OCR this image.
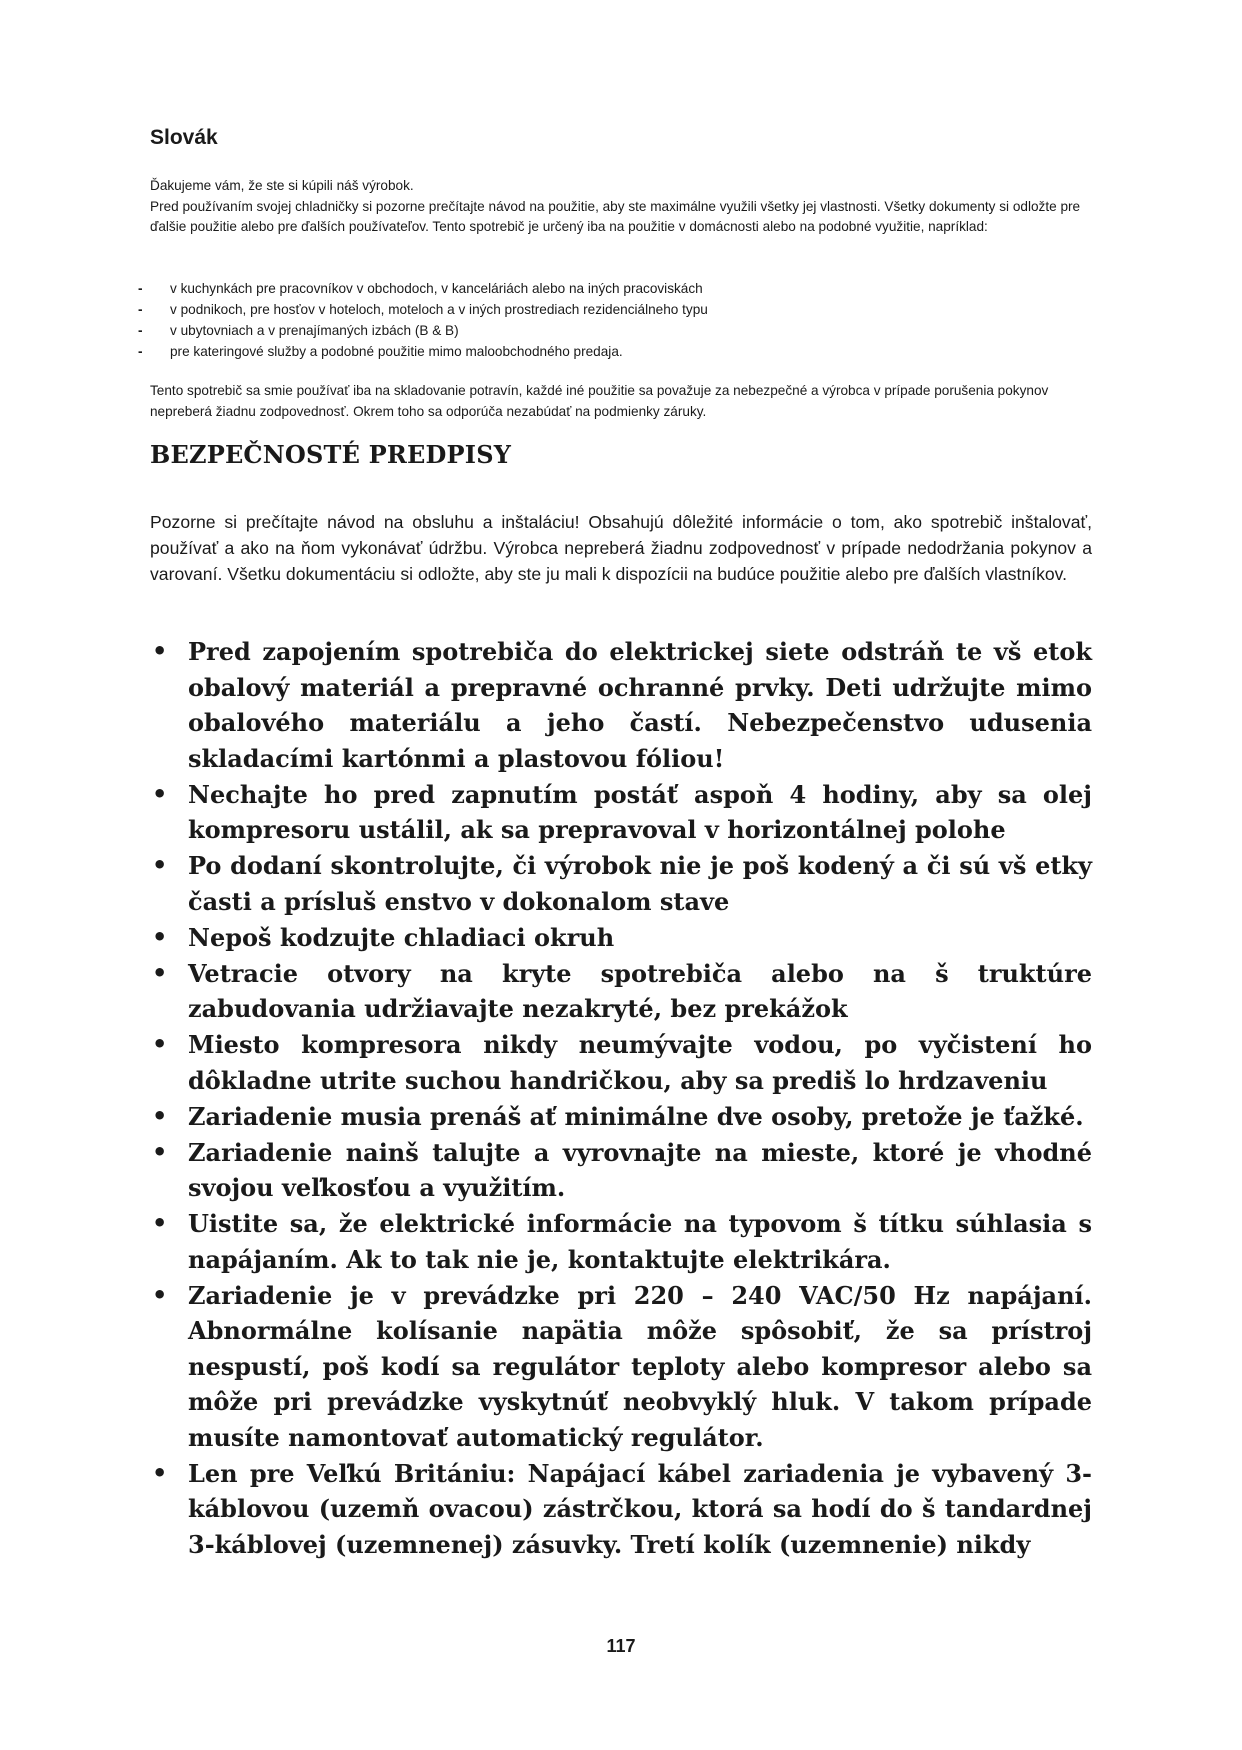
Slovák

Ďakujeme vám, že ste si kúpili náš výrobok.

Pred používaním svojej chladničky si pozorne prečítajte návod na použitie, aby ste maximálne využili všetky jej vlastnosti. Všetky dokumenty si odložte pre ďalšie použitie alebo pre ďalších používateľov. Tento spotrebič je určený iba na použitie v domácnosti alebo na podobné využitie, napríklad:

- v kuchynkách pre pracovníkov v obchodoch, v kanceláriách alebo na iných pracoviskách
- v podnikoch, pre hosťov v hoteloch, moteloch a v iných prostrediach rezidenciálneho typu
- v ubytovniach a v prenajímaných izbách (B & B)
- pre kateringové služby a podobné použitie mimo maloobchodného predaja.

Tento spotrebič sa smie používať iba na skladovanie potravín, každé iné použitie sa považuje za nebezpečné a výrobca v prípade porušenia pokynov nepreberá žiadnu zodpovednosť. Okrem toho sa odporúča nezabúdať na podmienky záruky.

BEZPEČNOSTÉ PREDPISY

Pozorne si prečítajte návod na obsluhu a inštaláciu! Obsahujú dôležité informácie o tom, ako spotrebič inštalovať, používať a ako na ňom vykonávať údržbu. Výrobca nepreberá žiadnu zodpovednosť v prípade nedodržania pokynov a varovaní. Všetku dokumentáciu si odložte, aby ste ju mali k dispozícii na budúce použitie alebo pre ďalších vlastníkov.

• Pred zapojením spotrebiča do elektrickej siete odstráň te vš etok obalový materiál a prepravné ochranné prvky. Deti udržujte mimo obalového materiálu a jeho častí. Nebezpečenstvo udusenia skladacími kartónmi a plastovou fóliou!
• Nechajte ho pred zapnutím postáť aspoň 4 hodiny, aby sa olej kompresoru ustálil, ak sa prepravoval v horizontálnej polohe
• Po dodaní skontrolujte, či výrobok nie je poš kodený a či sú vš etky časti a prísluš enstvo v dokonalom stave
• Nepoš kodzujte chladiaci okruh
• Vetracie otvory na kryte spotrebiča alebo na š truktúre zabudovania udržiavajte nezakryté, bez prekážok
• Miesto kompresora nikdy neumývajte vodou, po vyčistení ho dôkladne utrite suchou handričkou, aby sa prediš lo hrdzaveniu
• Zariadenie musia prenáš ať minimálne dve osoby, pretože je ťažké.
• Zariadenie nainš talujte a vyrovnajte na mieste, ktoré je vhodné svojou veľkosťou a využitím.
• Uistite sa, že elektrické informácie na typovom š títku súhlasia s napájaním. Ak to tak nie je, kontaktujte elektrikára.
• Zariadenie je v prevádzke pri 220 – 240 VAC/50 Hz napájaní. Abnormálne kolísanie napätia môže spôsobiť, že sa prístroj nespustí, poš kodí sa regulátor teploty alebo kompresor alebo sa môže pri prevádzke vyskytnúť neobvyklý hluk. V takom prípade musíte namontovať automatický regulátor.
• Len pre Veľkú Britániu: Napájací kábel zariadenia je vybavený 3-káblovou (uzemň ovacou) zástrčkou, ktorá sa hodí do š tandardnej 3-káblovej (uzemnenej) zásuvky. Tretí kolík (uzemnenie) nikdy
117
